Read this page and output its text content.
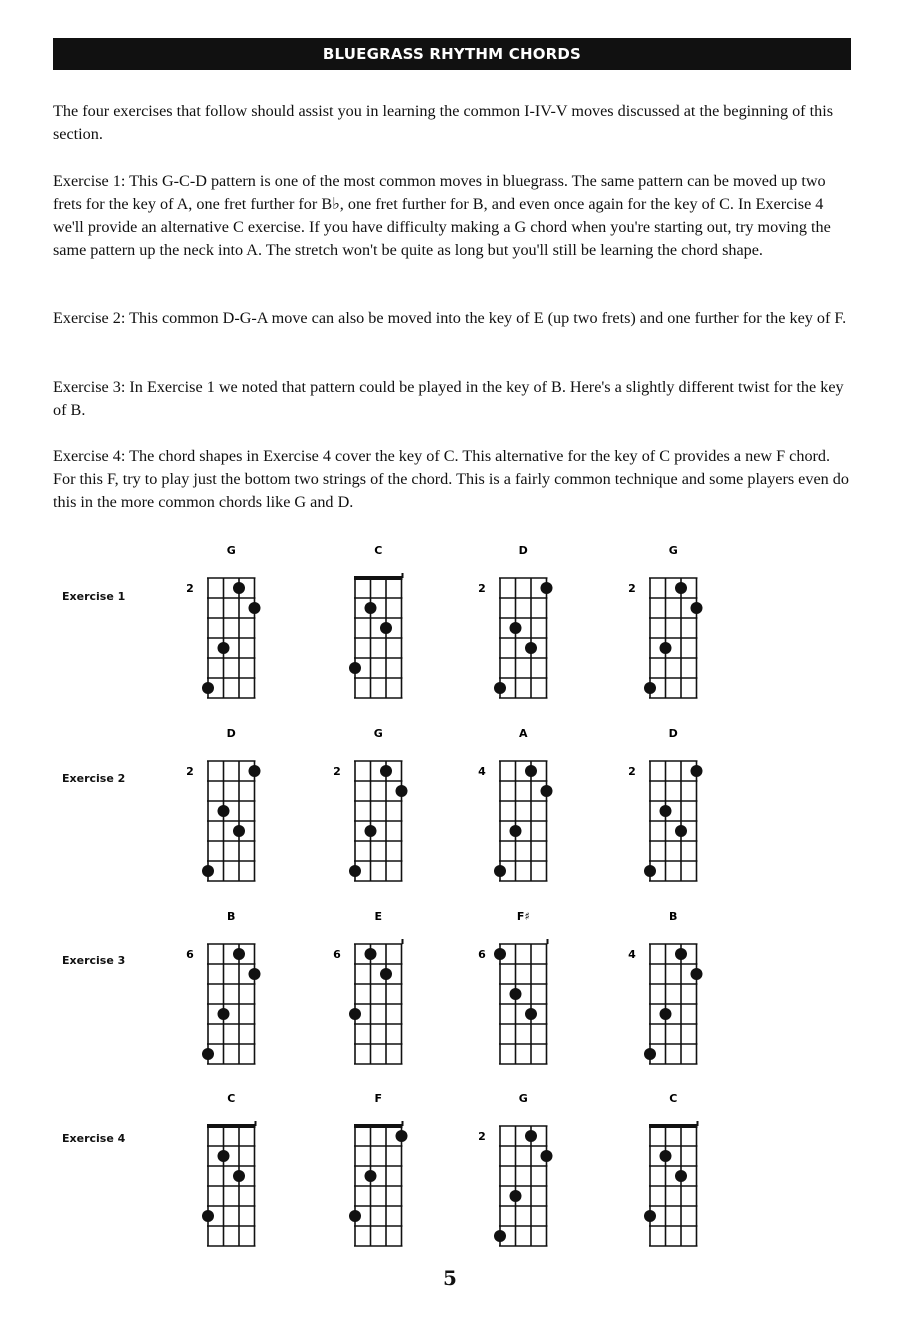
BLUEGRASS RHYTHM CHORDS

The four exercises that follow should assist you in learning the common I-IV-V moves discussed at the beginning of this section.

Exercise 1: This G-C-D pattern is one of the most common moves in bluegrass. The same pattern can be moved up two frets for the key of A, one fret further for B♭, one fret further for B, and even once again for the key of C. In Exercise 4 we'll provide an alternative C exercise. If you have difficulty making a G chord when you're starting out, try moving the same pattern up the neck into A. The stretch won't be quite as long but you'll still be learning the chord shape.

Exercise 2: This common D-G-A move can also be moved into the key of E (up two frets) and one further for the key of F.

Exercise 3: In Exercise 1 we noted that pattern could be played in the key of B. Here's a slightly different twist for the key of B.

Exercise 4: The chord shapes in Exercise 4 cover the key of C. This alternative for the key of C provides a new F chord. For this F, try to play just the bottom two strings of the chord. This is a fairly common technique and some players even do this in the more common chords like G and D.

Exercise 1
Exercise 2
Exercise 3
Exercise 4
G
2
C	D
2
G
2
D
2
G
2
A
4
D
2
B
6
E
6
F♯
6
B
4
C	F	G
2
C
5
